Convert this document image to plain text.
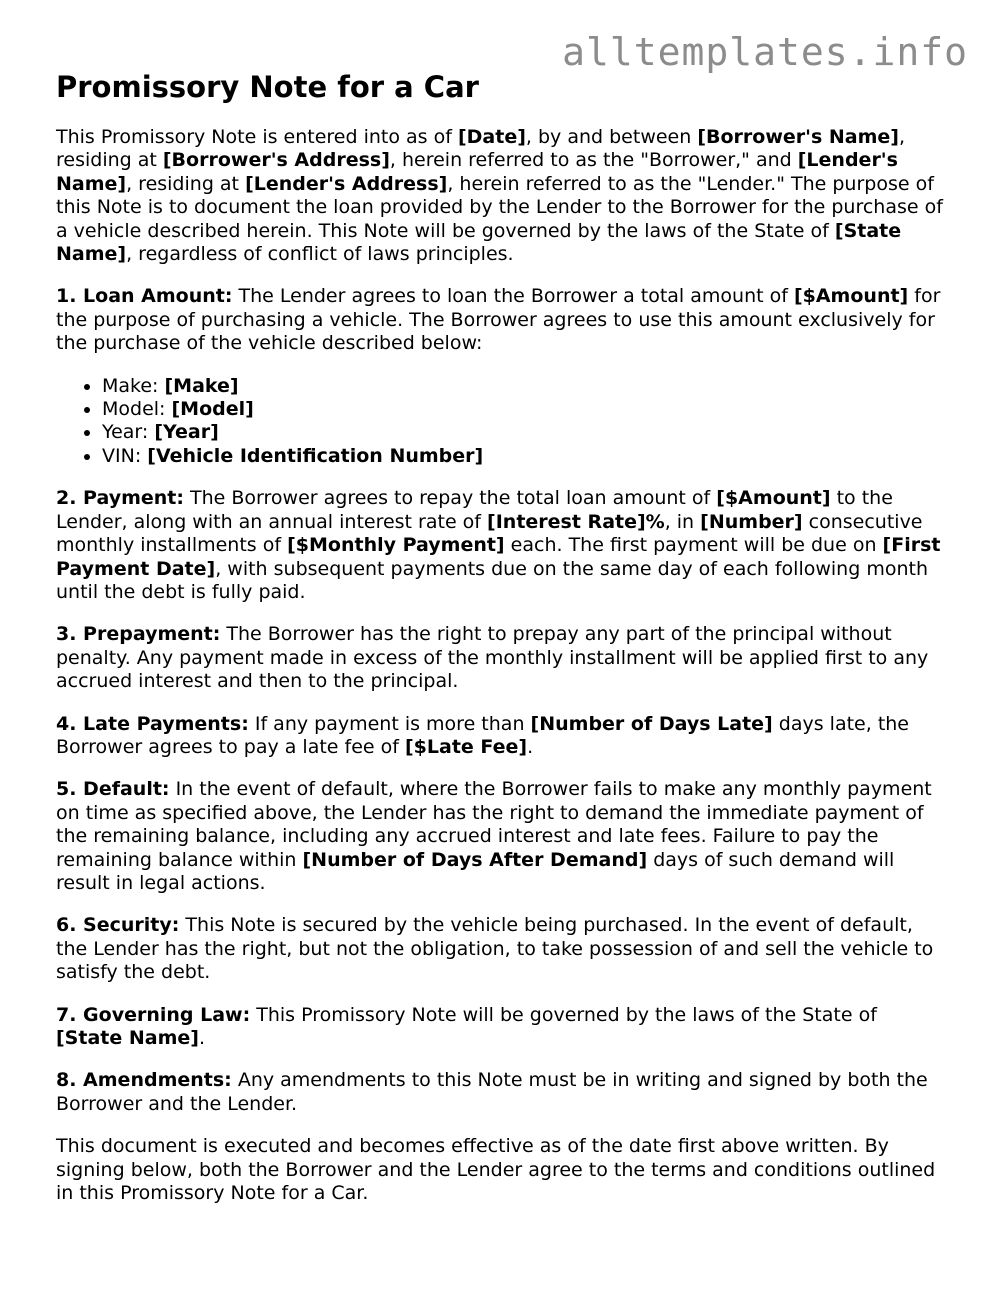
alltemplates.info
Promissory Note for a Car

This Promissory Note is entered into as of [Date], by and between [Borrower's Name], residing at [Borrower's Address], herein referred to as the "Borrower," and [Lender's Name], residing at [Lender's Address], herein referred to as the "Lender." The purpose of this Note is to document the loan provided by the Lender to the Borrower for the purchase of a vehicle described herein. This Note will be governed by the laws of the State of [State Name], regardless of conflict of laws principles.

1. Loan Amount: The Lender agrees to loan the Borrower a total amount of [$Amount] for the purpose of purchasing a vehicle. The Borrower agrees to use this amount exclusively for the purchase of the vehicle described below:

• Make: [Make]
• Model: [Model]
• Year: [Year]
• VIN: [Vehicle Identification Number]

2. Payment: The Borrower agrees to repay the total loan amount of [$Amount] to the Lender, along with an annual interest rate of [Interest Rate]%, in [Number] consecutive monthly installments of [$Monthly Payment] each. The first payment will be due on [First Payment Date], with subsequent payments due on the same day of each following month until the debt is fully paid.

3. Prepayment: The Borrower has the right to prepay any part of the principal without penalty. Any payment made in excess of the monthly installment will be applied first to any accrued interest and then to the principal.

4. Late Payments: If any payment is more than [Number of Days Late] days late, the Borrower agrees to pay a late fee of [$Late Fee].

5. Default: In the event of default, where the Borrower fails to make any monthly payment on time as specified above, the Lender has the right to demand the immediate payment of the remaining balance, including any accrued interest and late fees. Failure to pay the remaining balance within [Number of Days After Demand] days of such demand will result in legal actions.

6. Security: This Note is secured by the vehicle being purchased. In the event of default, the Lender has the right, but not the obligation, to take possession of and sell the vehicle to satisfy the debt.

7. Governing Law: This Promissory Note will be governed by the laws of the State of [State Name].

8. Amendments: Any amendments to this Note must be in writing and signed by both the Borrower and the Lender.

This document is executed and becomes effective as of the date first above written. By signing below, both the Borrower and the Lender agree to the terms and conditions outlined in this Promissory Note for a Car.
